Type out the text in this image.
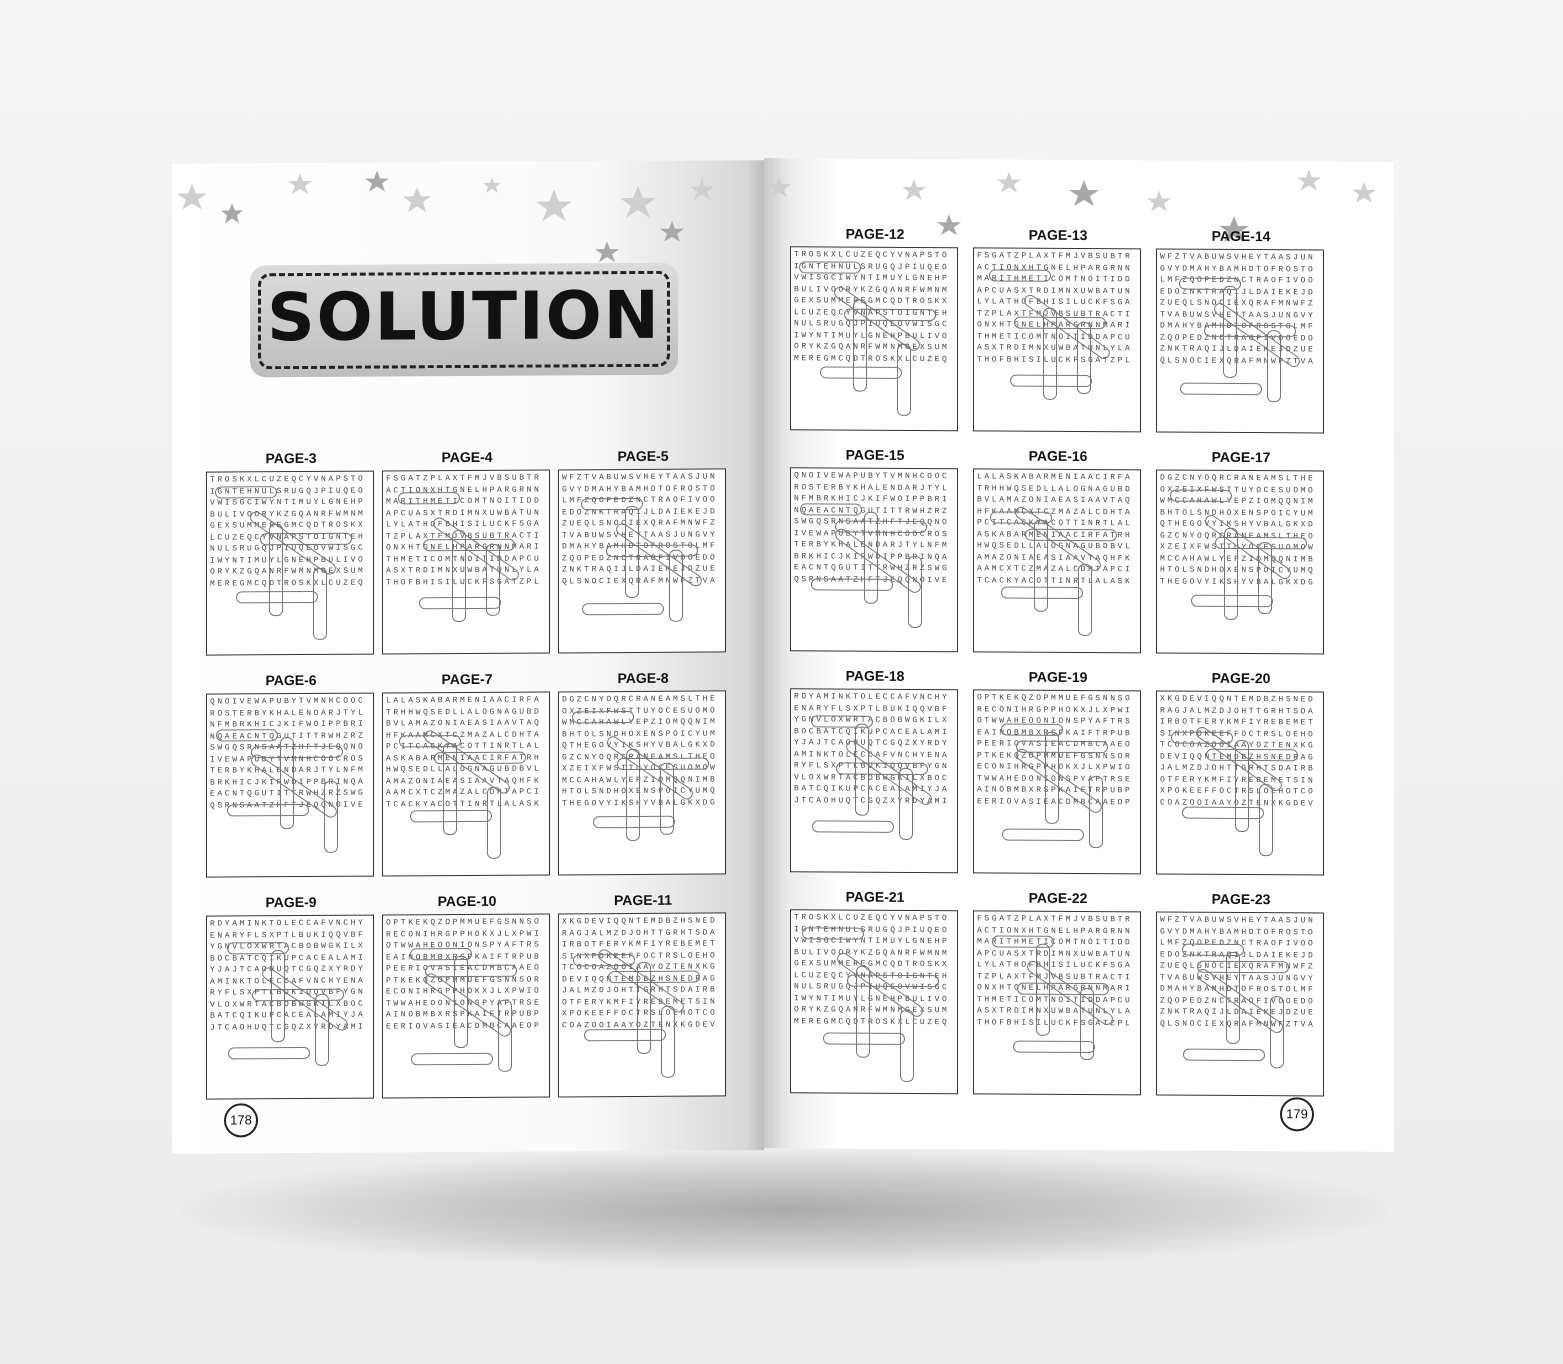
SOLUTION
PAGE-3
TROSKXLCUZEQCYVNAPSTOIGNTEHNULSRUGQJPIUQEOVWISGCIWYNTIMUYLGNEHPBULIVOORYKZGQANRFWMNMGEXSUMMEREGMCQDTROSKXLCUZEQCYVNAPSTOIGNTEHNULSRUGQJPIUQEOVWISGCIWYNTIMUYLGNEHPBULIVOORYKZGQANRFWMNMGEXSUMMEREGMCQDTROSKXLCUZEQ
PAGE-4
FSGATZPLAXTFMJVBSUBTRACTIONXHTGNELHPARGRNNMARITHMETICOMTNOITIDDAPCUASXTRDIMNXUWBATUNLYLATHOFBHISILUCKFSGATZPLAXTFMJVBSUBTRACTIONXHTGNELHPARGRNNMARITHMETICOMTNOITIDDAPCUASXTRDIMNXUWBATUNLYLATHOFBHISILUCKFSGATZPL
PAGE-5
WFZTVABUWSVHEYTAASJUNGVYDMAHYBAMHDTOFROSTOLMFZQOPEDZNCTRAOFIVOOEDOZNKTRAQIJLDAIEKEJDZUEQLSNOCIEXQRAFMNWFZTVABUWSVHEYTAASJUNGVYDMAHYBAMHDTOFROSTOLMFZQOPEDZNCTRAOFIVOOEDOZNKTRAQIJLDAIEKEJDZUEQLSNOCIEXQRAFMNWFZTVA
PAGE-6
QNOIVEWAPUBYTVMNHCOOCROSTERBYKHALENDARJTYLNFMBRKHICJKIFWOIPPBRINQAEACNTQGUTITTRWHZRZSWGQSRNSAATZHFTJEQQNOIVEWAPUBYTVMNHCOOCROSTERBYKHALENDARJTYLNFMBRKHICJKIFWOIPPBRINQAEACNTQGUTITTRWHZRZSWGQSRNSAATZHFTJEQQNOIVE
PAGE-7
LALASKABARMENIAACIRFATRHHWQSEDLLALOGNAGUBDBVLAMAZONIAEASIAAVTAQHFKAAMCXTCZMAZALCDHTAPCITCACKYACOTTINRTLALASKABARMENIAACIRFATRHHWQSEDLLALOGNAGUBDBVLAMAZONIAEASIAAVTAQHFKAAMCXTCZMAZALCDHTAPCITCACKYACOTTINRTLALASK
PAGE-8
DGZCNYOQRCRANEAMSLTHEOXZEIXFWSTTUYOCESUOMOWMCCAHAWLYEPZIOMQQNIMBHTOLSNDHOXENSPOICYUMQTHEGOVYIKSHYVBALGKXDGZCNYOQRCRANEAMSLTHEOXZEIXFWSTTUYOCESUOMOWMCCAHAWLYEPZIOMQQNIMBHTOLSNDHOXENSPOICYUMQTHEGOVYIKSHYVBALGKXDG
PAGE-9
RDYAMINKTOLECCAFVNCHYENARYFLSXPTLBUKIQQVBFYGNVLOXWRTACBOBWGKILXBOCBATCQIKUPCACEALAMIYJAJTCAOHUQTCGQZXYRDYAMINKTOLECCAFVNCHYENARYFLSXPTLBUKIQQVBFYGNVLOXWRTACBOBWGKILXBOCBATCQIKUPCACEALAMIYJAJTCAOHUQTCGQZXYRDYAMI
PAGE-10
OPTKEKQZOPMMUEFGSNNSORECONIHRGPPHOKXJLXPWIOTWWAHEOONIONSPYAFTRSEAINOBMBXRSPKAIFTRPUBPEERIOVASIEACDMBCAAEOPTKEKQZOPMMUEFGSNNSORECONIHRGPPHOKXJLXPWIOTWWAHEOONIONSPYAFTRSEAINOBMBXRSPKAIFTRPUBPEERIOVASIEACDMBCAAEOP
PAGE-11
XKGDEVIQQNTEMDBZHSNEDRAGJALMZDJOHTTGRHTSDAIRBOTFERYKMFIYREBEMETSINXPOKEEFFOCTRSLOEHOTCOCOAZOOIAAYOZTENXKGDEVIQQNTEMDBZHSNEDRAGJALMZDJOHTTGRHTSDAIRBOTFERYKMFIYREBEMETSINXPOKEEFFOCTRSLOEHOTCOCOAZOOIAAYOZTENXKGDEV
178
PAGE-12
TROSKXLCUZEQCYVNAPSTOIGNTEHNULSRUGQJPIUQEOVWISGCIWYNTIMUYLGNEHPBULIVOORYKZGQANRFWMNMGEXSUMMEREGMCQDTROSKXLCUZEQCYVNAPSTOIGNTEHNULSRUGQJPIUQEOVWISGCIWYNTIMUYLGNEHPBULIVOORYKZGQANRFWMNMGEXSUMMEREGMCQDTROSKXLCUZEQ
PAGE-13
FSGATZPLAXTFMJVBSUBTRACTIONXHTGNELHPARGRNNMARITHMETICOMTNOITIDDAPCUASXTRDIMNXUWBATUNLYLATHOFBHISILUCKFSGATZPLAXTFMJVBSUBTRACTIONXHTGNELHPARGRNNMARITHMETICOMTNOITIDDAPCUASXTRDIMNXUWBATUNLYLATHOFBHISILUCKFSGATZPL
PAGE-14
WFZTVABUWSVHEYTAASJUNGVYDMAHYBAMHDTOFROSTOLMFZQOPEDZNCTRAOFIVOOEDOZNKTRAQIJLDAIEKEJDZUEQLSNOCIEXQRAFMNWFZTVABUWSVHEYTAASJUNGVYDMAHYBAMHDTOFROSTOLMFZQOPEDZNCTRAOFIVOOEDOZNKTRAQIJLDAIEKEJDZUEQLSNOCIEXQRAFMNWFZTVA
PAGE-15
QNOIVEWAPUBYTVMNHCOOCROSTERBYKHALENDARJTYLNFMBRKHICJKIFWOIPPBRINQAEACNTQGUTITTRWHZRZSWGQSRNSAATZHFTJEQQNOIVEWAPUBYTVMNHCOOCROSTERBYKHALENDARJTYLNFMBRKHICJKIFWOIPPBRINQAEACNTQGUTITTRWHZRZSWGQSRNSAATZHFTJEQQNOIVE
PAGE-16
LALASKABARMENIAACIRFATRHHWQSEDLLALOGNAGUBDBVLAMAZONIAEASIAAVTAQHFKAAMCXTCZMAZALCDHTAPCITCACKYACOTTINRTLALASKABARMENIAACIRFATRHHWQSEDLLALOGNAGUBDBVLAMAZONIAEASIAAVTAQHFKAAMCXTCZMAZALCDHTAPCITCACKYACOTTINRTLALASK
PAGE-17
DGZCNYOQRCRANEAMSLTHEOXZEIXFWSTTUYOCESUOMOWMCCAHAWLYEPZIOMQQNIMBHTOLSNDHOXENSPOICYUMQTHEGOVYIKSHYVBALGKXDGZCNYOQRCRANEAMSLTHEOXZEIXFWSTTUYOCESUOMOWMCCAHAWLYEPZIOMQQNIMBHTOLSNDHOXENSPOICYUMQTHEGOVYIKSHYVBALGKXDG
PAGE-18
RDYAMINKTOLECCAFVNCHYENARYFLSXPTLBUKIQQVBFYGNVLOXWRTACBOBWGKILXBOCBATCQIKUPCACEALAMIYJAJTCAOHUQTCGQZXYRDYAMINKTOLECCAFVNCHYENARYFLSXPTLBUKIQQVBFYGNVLOXWRTACBOBWGKILXBOCBATCQIKUPCACEALAMIYJAJTCAOHUQTCGQZXYRDYAMI
PAGE-19
OPTKEKQZOPMMUEFGSNNSORECONIHRGPPHOKXJLXPWIOTWWAHEOONIONSPYAFTRSEAINOBMBXRSPKAIFTRPUBPEERIOVASIEACDMBCAAEOPTKEKQZOPMMUEFGSNNSORECONIHRGPPHOKXJLXPWIOTWWAHEOONIONSPYAFTRSEAINOBMBXRSPKAIFTRPUBPEERIOVASIEACDMBCAAEOP
PAGE-20
XKGDEVIQQNTEMDBZHSNEDRAGJALMZDJOHTTGRHTSDAIRBOTFERYKMFIYREBEMETSINXPOKEEFFOCTRSLOEHOTCOCOAZOOIAAYOZTENXKGDEVIQQNTEMDBZHSNEDRAGJALMZDJOHTTGRHTSDAIRBOTFERYKMFIYREBEMETSINXPOKEEFFOCTRSLOEHOTCOCOAZOOIAAYOZTENXKGDEV
PAGE-21
TROSKXLCUZEQCYVNAPSTOIGNTEHNULSRUGQJPIUQEOVWISGCIWYNTIMUYLGNEHPBULIVOORYKZGQANRFWMNMGEXSUMMEREGMCQDTROSKXLCUZEQCYVNAPSTOIGNTEHNULSRUGQJPIUQEOVWISGCIWYNTIMUYLGNEHPBULIVOORYKZGQANRFWMNMGEXSUMMEREGMCQDTROSKXLCUZEQ
PAGE-22
FSGATZPLAXTFMJVBSUBTRACTIONXHTGNELHPARGRNNMARITHMETICOMTNOITIDDAPCUASXTRDIMNXUWBATUNLYLATHOFBHISILUCKFSGATZPLAXTFMJVBSUBTRACTIONXHTGNELHPARGRNNMARITHMETICOMTNOITIDDAPCUASXTRDIMNXUWBATUNLYLATHOFBHISILUCKFSGATZPL
PAGE-23
WFZTVABUWSVHEYTAASJUNGVYDMAHYBAMHDTOFROSTOLMFZQOPEDZNCTRAOFIVOOEDOZNKTRAQIJLDAIEKEJDZUEQLSNOCIEXQRAFMNWFZTVABUWSVHEYTAASJUNGVYDMAHYBAMHDTOFROSTOLMFZQOPEDZNCTRAOFIVOOEDOZNKTRAQIJLDAIEKEJDZUEQLSNOCIEXQRAFMNWFZTVA
179
